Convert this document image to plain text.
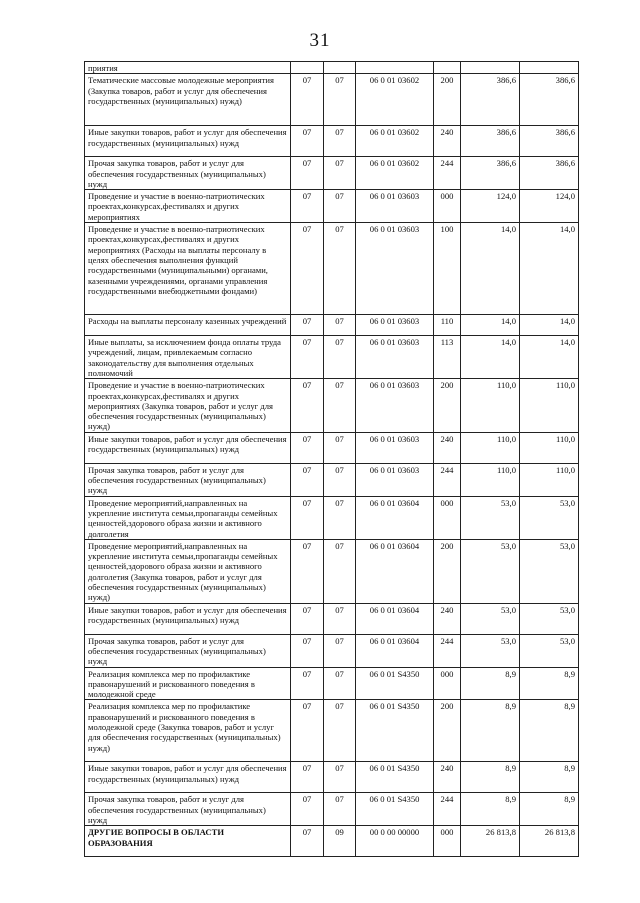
31
приятия						
Тематические массовые молодежные мероприятия (Закупка товаров, работ и услуг для обеспечения государственных (муниципальных) нужд)	07	07	06 0 01 03602	200	386,6	386,6
Иные закупки товаров, работ и услуг для обеспечения государственных (муниципальных) нужд	07	07	06 0 01 03602	240	386,6	386,6
Прочая закупка товаров, работ и услуг для обеспечения государственных (муниципальных) нужд	07	07	06 0 01 03602	244	386,6	386,6
Проведение и участие в военно-патриотических проектах,конкурсах,фестивалях и других мероприятиях	07	07	06 0 01 03603	000	124,0	124,0
Проведение и участие в военно-патриотических проектах,конкурсах,фестивалях и других мероприятиях (Расходы на выплаты персоналу в целях обеспечения выполнения функций государственными (муниципальными) органами, казенными учреждениями, органами управления государственными внебюджетными фондами)	07	07	06 0 01 03603	100	14,0	14,0
Расходы на выплаты персоналу казенных учреждений	07	07	06 0 01 03603	110	14,0	14,0
Иные выплаты, за исключением фонда оплаты труда учреждений, лицам, привлекаемым согласно законодательству для выполнения отдельных полномочий	07	07	06 0 01 03603	113	14,0	14,0
Проведение и участие в военно-патриотических проектах,конкурсах,фестивалях и других мероприятиях (Закупка товаров, работ и услуг для обеспечения государственных (муниципальных) нужд)	07	07	06 0 01 03603	200	110,0	110,0
Иные закупки товаров, работ и услуг для обеспечения государственных (муниципальных) нужд	07	07	06 0 01 03603	240	110,0	110,0
Прочая закупка товаров, работ и услуг для обеспечения государственных (муниципальных) нужд	07	07	06 0 01 03603	244	110,0	110,0
Проведение мероприятий,направленных на укрепление института семьи,пропаганды семейных ценностей,здорового образа жизни и активного долголетия	07	07	06 0 01 03604	000	53,0	53,0
Проведение мероприятий,направленных на укрепление института семьи,пропаганды семейных ценностей,здорового образа жизни и активного долголетия (Закупка товаров, работ и услуг для обеспечения государственных (муниципальных) нужд)	07	07	06 0 01 03604	200	53,0	53,0
Иные закупки товаров, работ и услуг для обеспечения государственных (муниципальных) нужд	07	07	06 0 01 03604	240	53,0	53,0
Прочая закупка товаров, работ и услуг для обеспечения государственных (муниципальных) нужд	07	07	06 0 01 03604	244	53,0	53,0
Реализация комплекса мер по профилактике правонарушений и рискованного поведения в молодежной среде	07	07	06 0 01 S4350	000	8,9	8,9
Реализация комплекса мер по профилактике правонарушений и рискованного поведения в молодежной среде (Закупка товаров, работ и услуг для обеспечения государственных (муниципальных) нужд)	07	07	06 0 01 S4350	200	8,9	8,9
Иные закупки товаров, работ и услуг для обеспечения государственных (муниципальных) нужд	07	07	06 0 01 S4350	240	8,9	8,9
Прочая закупка товаров, работ и услуг для обеспечения государственных (муниципальных) нужд	07	07	06 0 01 S4350	244	8,9	8,9
ДРУГИЕ ВОПРОСЫ В ОБЛАСТИ ОБРАЗОВАНИЯ	07	09	00 0 00 00000	000	26 813,8	26 813,8
